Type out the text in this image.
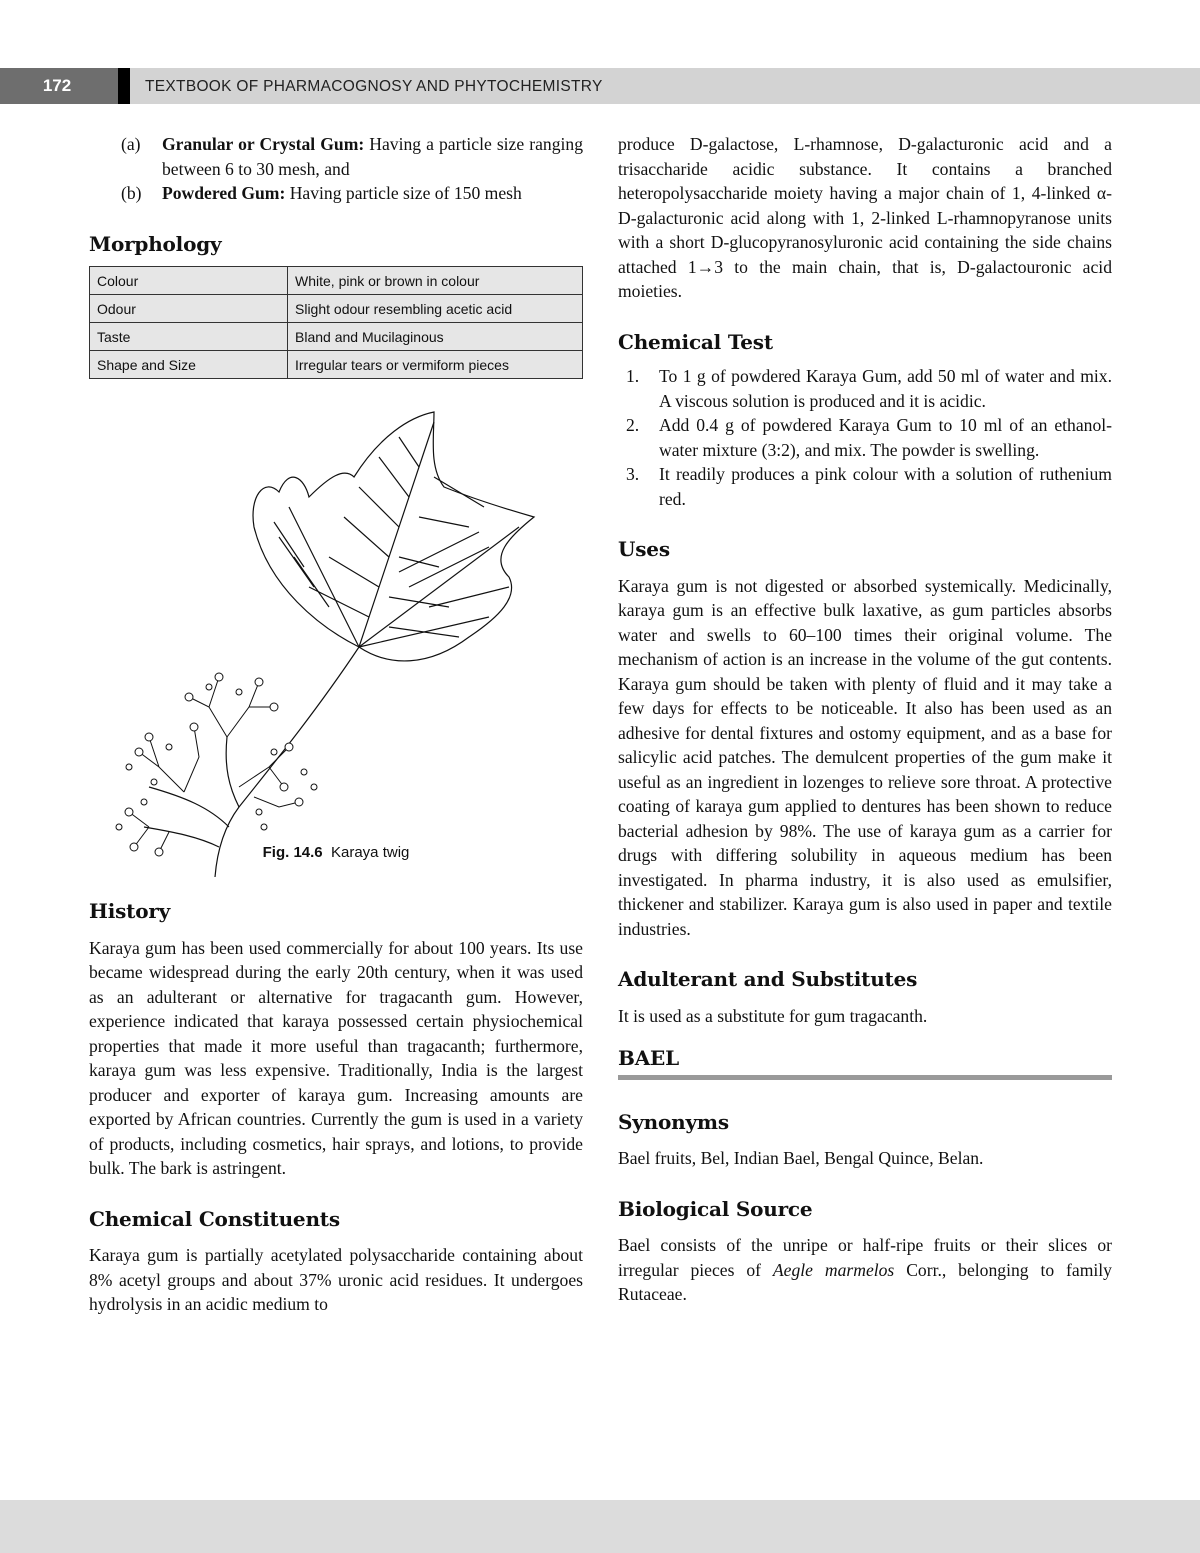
172	TEXTBOOK OF PHARMACOGNOSY AND PHYTOCHEMISTRY
(a) Granular or Crystal Gum: Having a particle size ranging between 6 to 30 mesh, and
(b) Powdered Gum: Having particle size of 150 mesh
Morphology
Colour	White, pink or brown in colour
Odour	Slight odour resembling acetic acid
Taste	Bland and Mucilaginous
Shape and Size	Irregular tears or vermiform pieces
Fig. 14.6 Karaya twig
History

Karaya gum has been used commercially for about 100 years. Its use became widespread during the early 20th century, when it was used as an adulterant or alternative for tragacanth gum. However, experience indicated that karaya possessed certain physiochemical properties that made it more useful than tragacanth; furthermore, karaya gum was less expensive. Traditionally, India is the largest producer and exporter of karaya gum. Increasing amounts are exported by African countries. Currently the gum is used in a variety of products, including cosmetics, hair sprays, and lotions, to provide bulk. The bark is astringent.

Chemical Constituents

Karaya gum is partially acetylated polysaccharide containing about 8% acetyl groups and about 37% uronic acid residues. It undergoes hydrolysis in an acidic medium to

produce D-galactose, L-rhamnose, D-galacturonic acid and a trisaccharide acidic substance. It contains a branched heteropolysaccharide moiety having a major chain of 1, 4-linked α- D-galacturonic acid along with 1, 2-linked L-rhamnopyranose units with a short D-glucopyranosyluronic acid containing the side chains attached 1→3 to the main chain, that is, D-galactouronic acid moieties.

Chemical Test
1. To 1 g of powdered Karaya Gum, add 50 ml of water and mix. A viscous solution is produced and it is acidic.
2. Add 0.4 g of powdered Karaya Gum to 10 ml of an ethanol-water mixture (3:2), and mix. The powder is swelling.
3. It readily produces a pink colour with a solution of ruthenium red.
Uses

Karaya gum is not digested or absorbed systemically. Medicinally, karaya gum is an effective bulk laxative, as gum particles absorbs water and swells to 60–100 times their original volume. The mechanism of action is an increase in the volume of the gut contents. Karaya gum should be taken with plenty of fluid and it may take a few days for effects to be noticeable. It also has been used as an adhesive for dental fixtures and ostomy equipment, and as a base for salicylic acid patches. The demulcent properties of the gum make it useful as an ingredient in lozenges to relieve sore throat. A protective coating of karaya gum applied to dentures has been shown to reduce bacterial adhesion by 98%. The use of karaya gum as a carrier for drugs with differing solubility in aqueous medium has been investigated. In pharma industry, it is also used as emulsifier, thickener and stabilizer. Karaya gum is also used in paper and textile industries.

Adulterant and Substitutes

It is used as a substitute for gum tragacanth.

BAEL
Synonyms

Bael fruits, Bel, Indian Bael, Bengal Quince, Belan.

Biological Source

Bael consists of the unripe or half-ripe fruits or their slices or irregular pieces of Aegle marmelos Corr., belonging to family Rutaceae.
